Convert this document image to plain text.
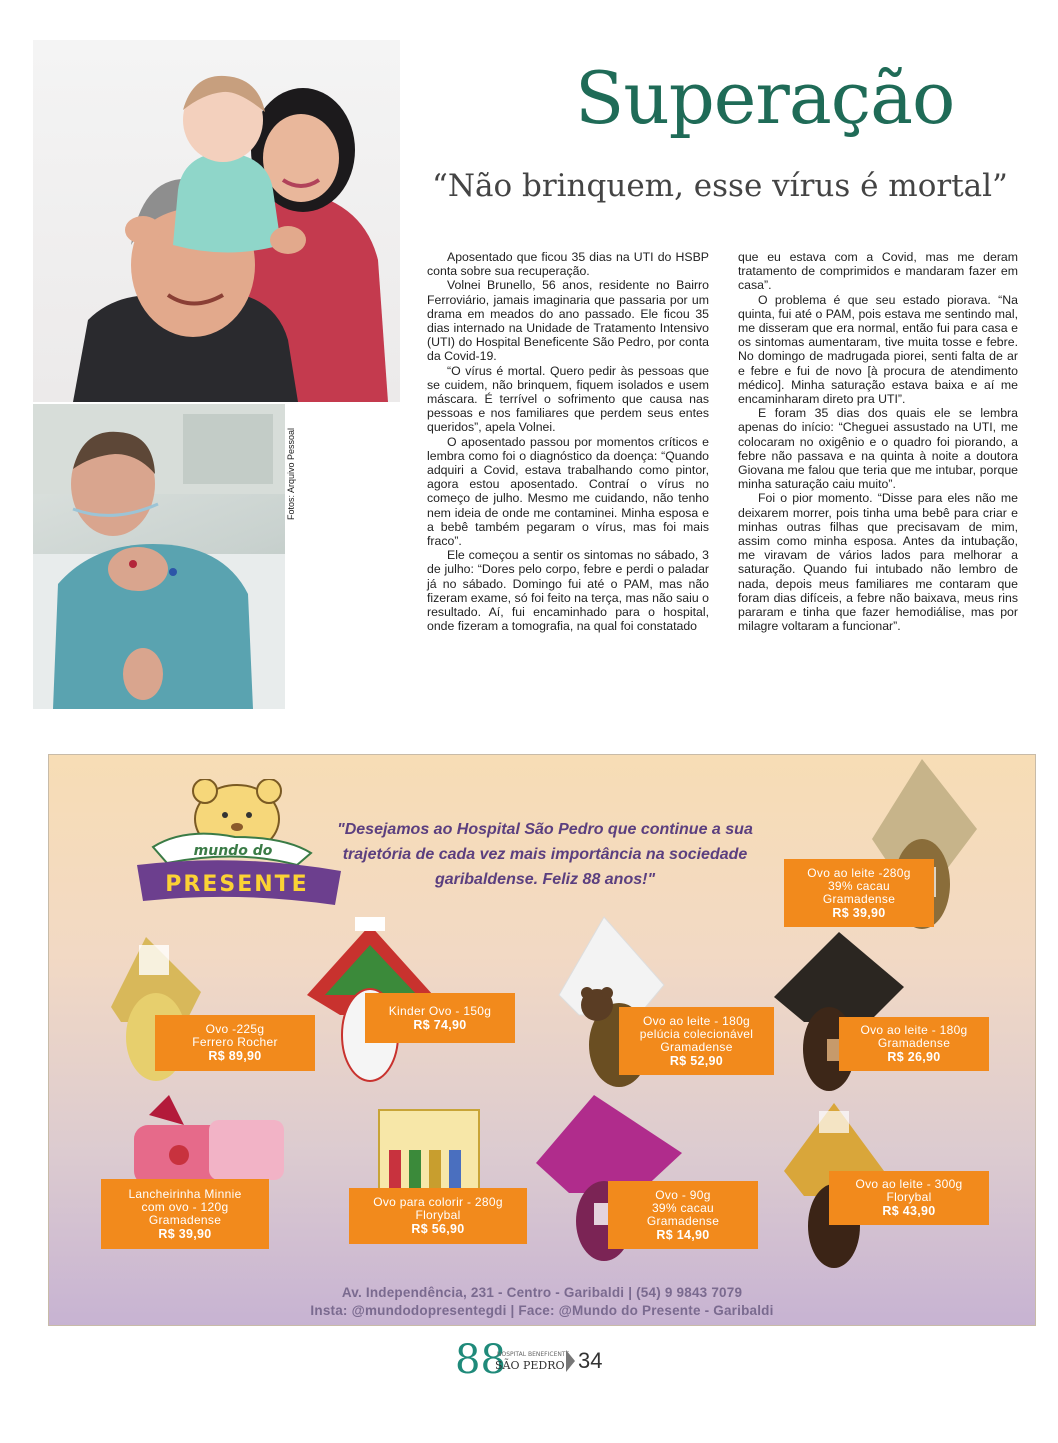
Fotos: Arquivo Pessoal
Superação
“Não brinquem, esse vírus é mortal”

Aposentado que ficou 35 dias na UTI do HSBP conta sobre sua recuperação.

Volnei Brunello, 56 anos, residente no Bairro Ferroviário, jamais imaginaria que passaria por um drama em meados do ano passado. Ele ficou 35 dias internado na Unidade de Tratamento Intensivo (UTI) do Hospital Beneficente São Pedro, por conta da Covid-19.

“O vírus é mortal. Quero pedir às pessoas que se cuidem, não brinquem, fiquem isolados e usem máscara. É terrível o sofrimento que causa nas pessoas e nos familiares que perdem seus entes queridos”, apela Volnei.

O aposentado passou por momentos críticos e lembra como foi o diagnóstico da doença: “Quando adquiri a Covid, estava trabalhando como pintor, agora estou aposentado. Contraí o vírus no começo de julho. Mesmo me cuidando, não tenho nem ideia de onde me contaminei. Minha esposa e a bebê também pegaram o vírus, mas foi mais fraco”.

Ele começou a sentir os sintomas no sábado, 3 de julho: “Dores pelo corpo, febre e perdi o paladar já no sábado. Domingo fui até o PAM, mas não fizeram exame, só foi feito na terça, mas não saiu o resultado. Aí, fui encaminhado para o hospital, onde fizeram a tomografia, na qual foi constatado

que eu estava com a Covid, mas me deram tratamento de comprimidos e mandaram fazer em casa”.

O problema é que seu estado piorava. “Na quinta, fui até o PAM, pois estava me sentindo mal, me disseram que era normal, então fui para casa e os sintomas aumentaram, tive muita tosse e febre. No domingo de madrugada piorei, senti falta de ar e febre e fui de novo [à procura de atendimento médico]. Minha saturação estava baixa e aí me encaminharam direto pra UTI”.

E foram 35 dias dos quais ele se lembra apenas do início: “Cheguei assustado na UTI, me colocaram no oxigênio e o quadro foi piorando, a febre não passava e na quinta à noite a doutora Giovana me falou que teria que me intubar, porque minha saturação caiu muito”.

Foi o pior momento. “Disse para eles não me deixarem morrer, pois tinha uma bebê para criar e minhas outras filhas que precisavam de mim, assim como minha esposa. Antes da intubação, me viravam de vários lados para melhorar a saturação. Quando fui intubado não lembro de nada, depois meus familiares me contaram que foram dias difíceis, a febre não baixava, meus rins pararam e tinha que fazer hemodiálise, mas por milagre voltaram a funcionar”.

mundo do
PRESENTE
"Desejamos ao Hospital São Pedro que continue a sua trajetória de cada vez mais importância na sociedade garibaldense. Feliz 88 anos!"	Ovo ao leite -280g
39% cacau
Gramadense
R$ 39,90
Ovo -225g
Ferrero Rocher
R$ 89,90
Kinder Ovo - 150g
R$ 74,90	Ovo ao leite - 180g
pelúcia colecionável
Gramadense
R$ 52,90
Ovo ao leite - 180g
Gramadense
R$ 26,90
Lancheirinha Minnie
com ovo - 120g
Gramadense
R$ 39,90
Ovo para colorir - 280g
Florybal
R$ 56,90
Ovo - 90g
39% cacau
Gramadense
R$ 14,90
Ovo ao leite - 300g
Florybal
R$ 43,90
Av. Independência, 231 - Centro - Garibaldi | (54) 9 9843 7079
Insta: @mundodopresentegdi | Face: @Mundo do Presente - Garibaldi
88
HOSPITAL BENEFICENTE
SÃO PEDRO 34
